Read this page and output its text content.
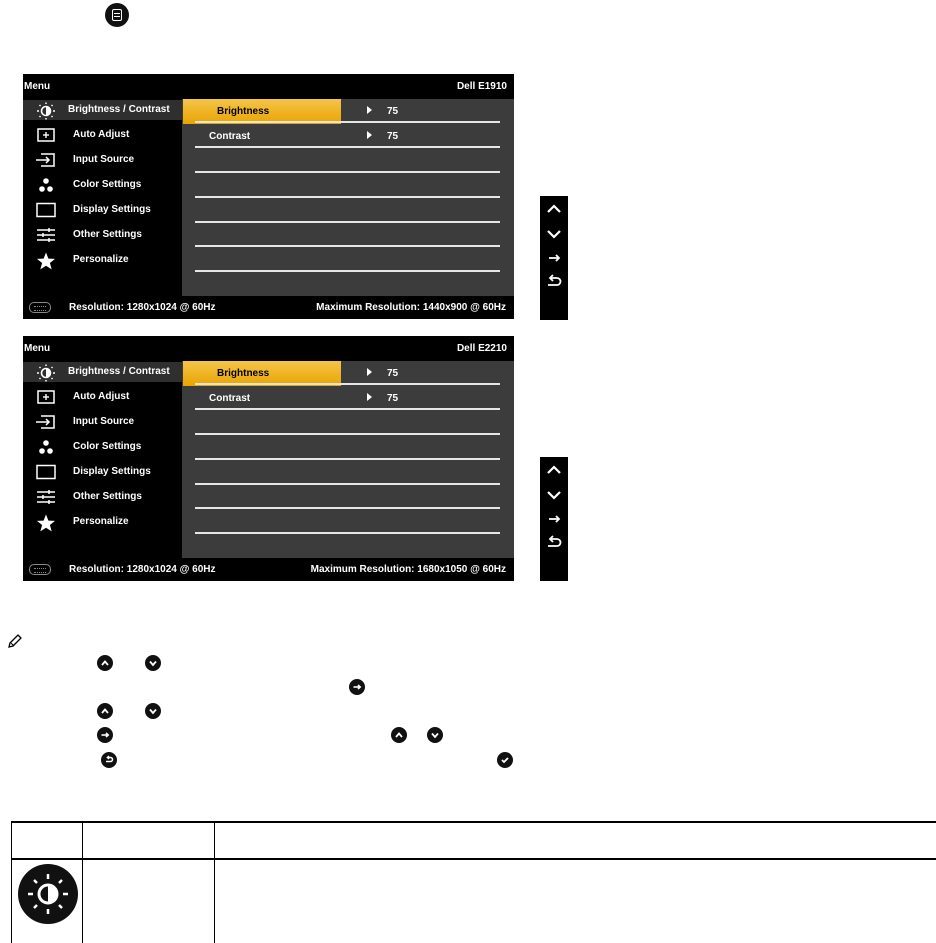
Menu	Dell E1910
Brightness / Contrast
Auto Adjust
Input Source
Color Settings
Display Settings
Other Settings
Personalize
Brightness	75
Contrast	75
Resolution: 1280x1024 @ 60Hz	Maximum Resolution: 1440x900 @ 60Hz
Menu	Dell E2210
Brightness / Contrast
Auto Adjust
Input Source
Color Settings
Display Settings
Other Settings
Personalize
Brightness	75
Contrast	75
Resolution: 1280x1024 @ 60Hz	Maximum Resolution: 1680x1050 @ 60Hz
